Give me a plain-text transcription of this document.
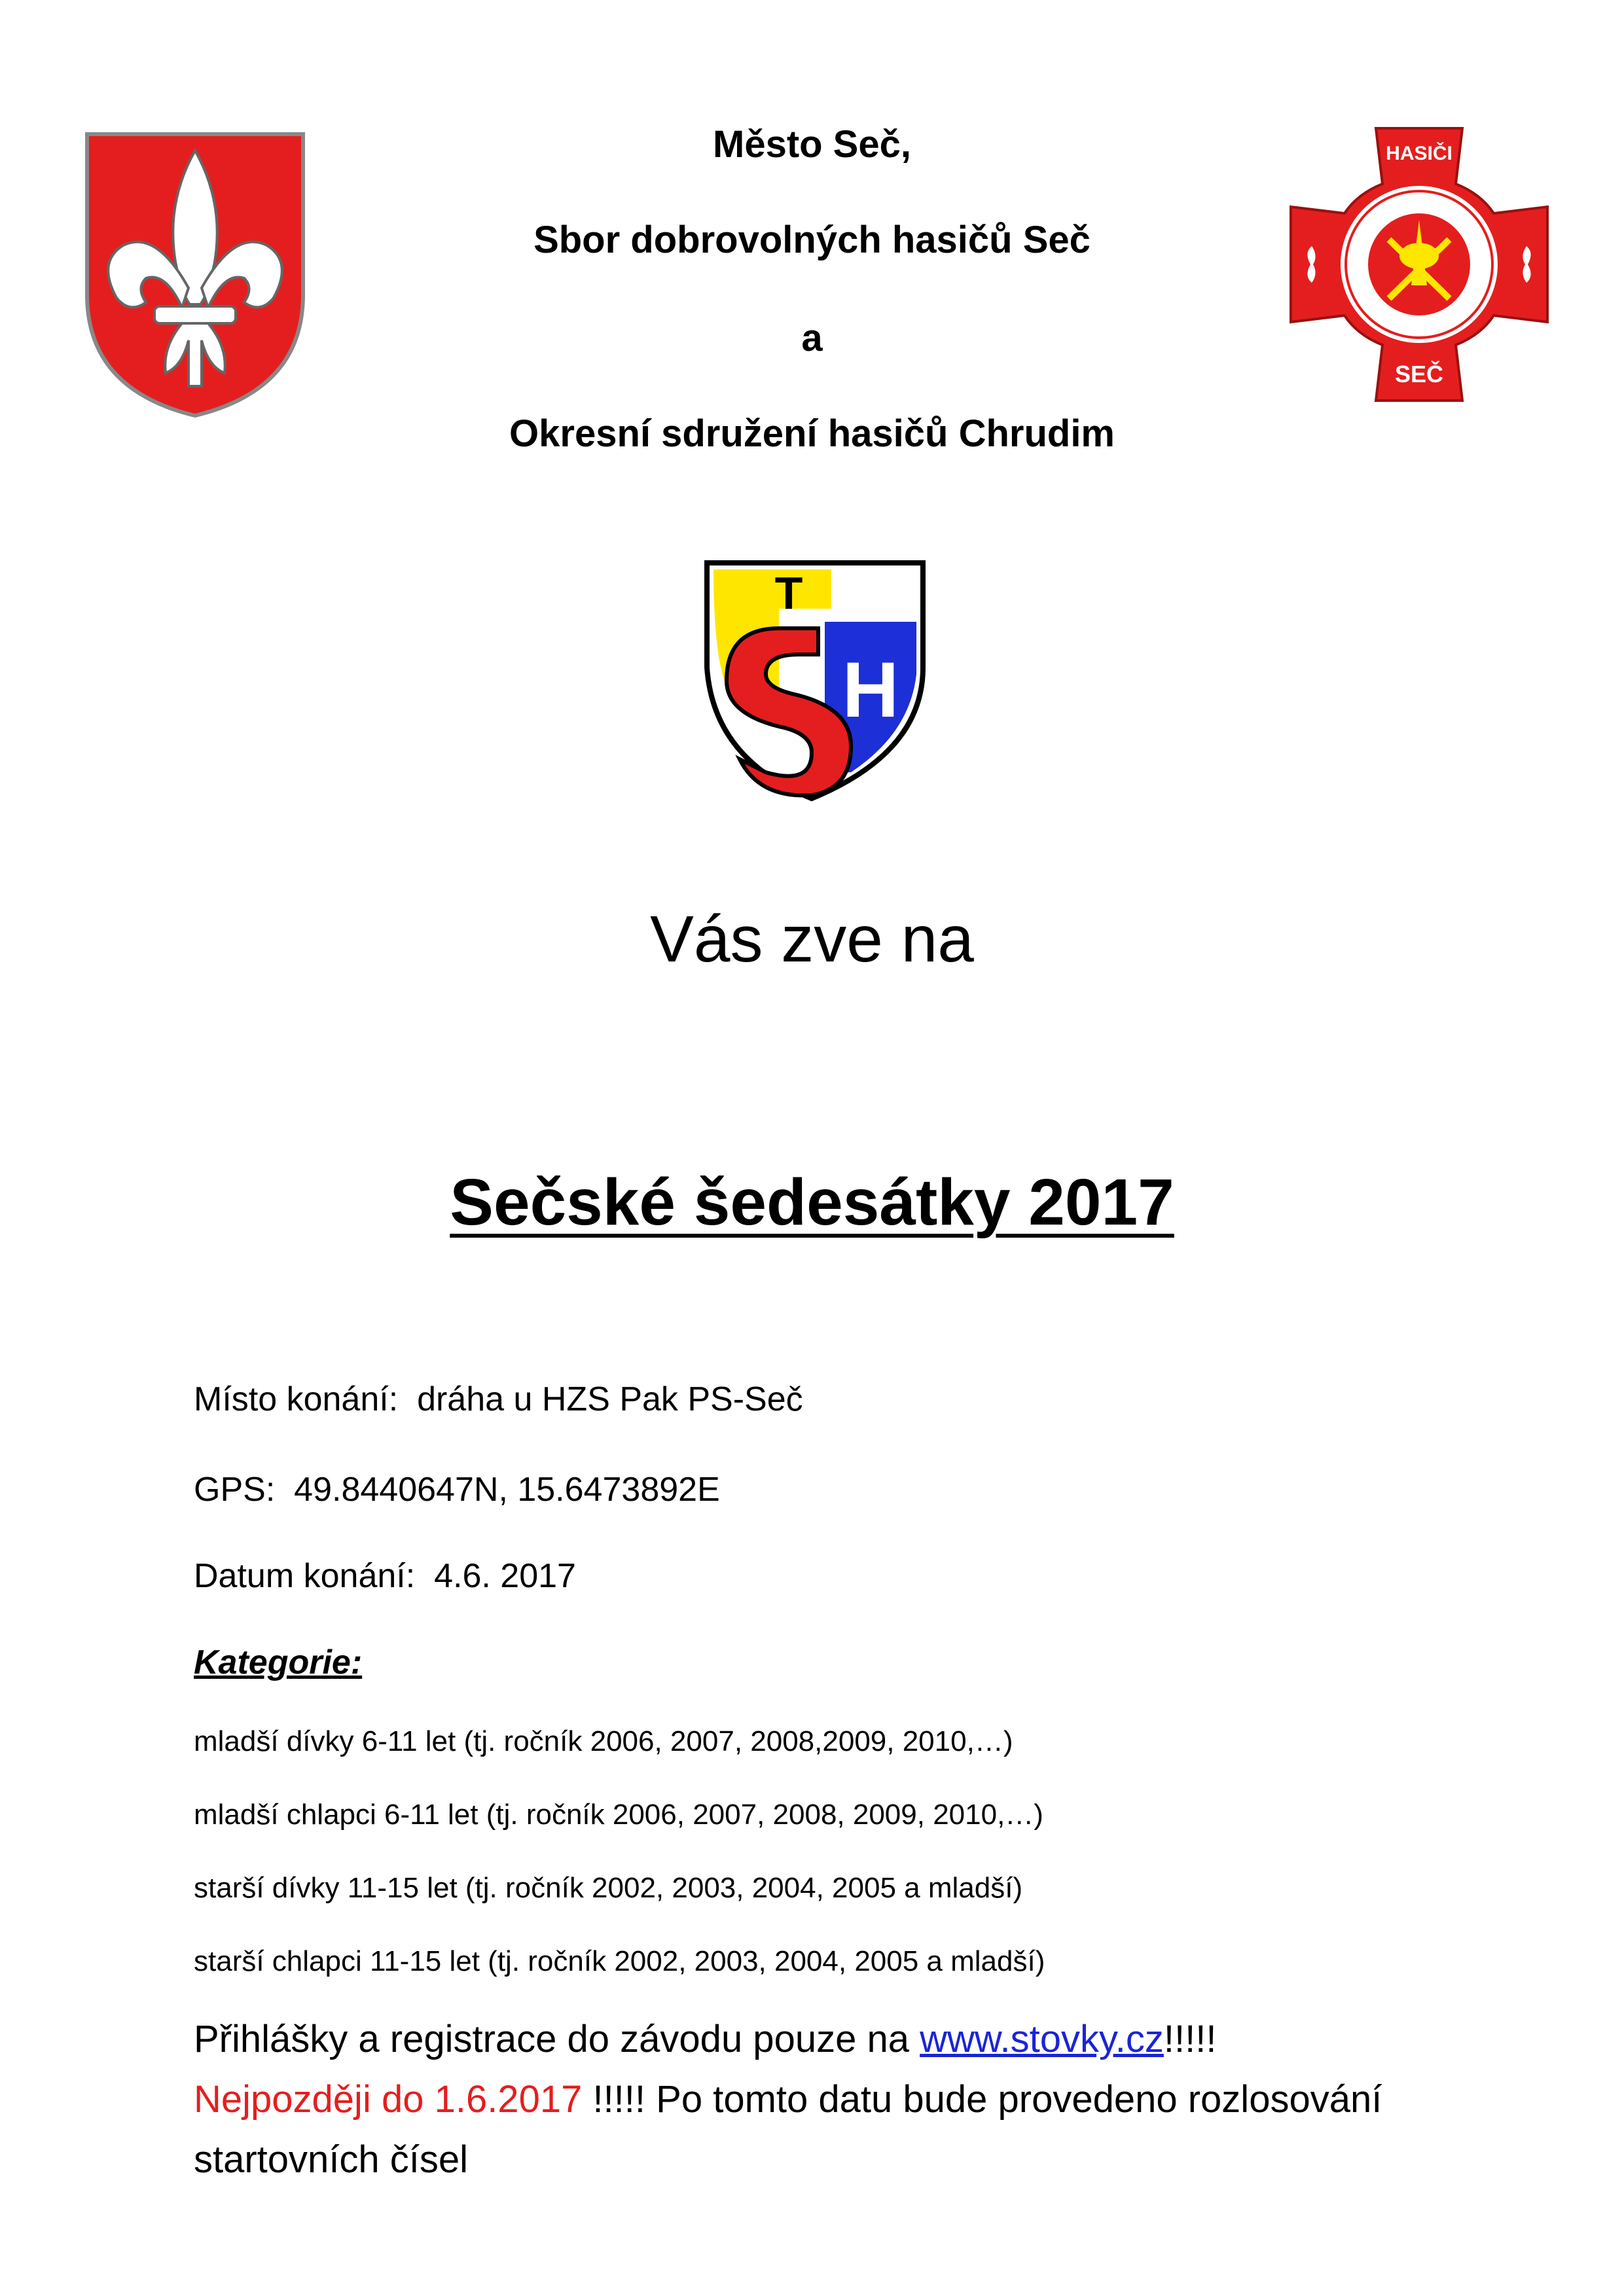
HASIČI
SEČ
Město Seč,
Sbor dobrovolných hasičů Seč
a
Okresní sdružení hasičů Chrudim
H
T
Vás zve na
Sečské šedesátky 2017
Místo konání: dráha u HZS Pak PS-Seč
GPS: 49.8440647N, 15.6473892E
Datum konání: 4.6. 2017
Kategorie:
mladší dívky 6-11 let (tj. ročník 2006, 2007, 2008,2009, 2010,…)
mladší chlapci 6-11 let (tj. ročník 2006, 2007, 2008, 2009, 2010,…)
starší dívky 11-15 let (tj. ročník 2002, 2003, 2004, 2005 a mladší)
starší chlapci 11-15 let (tj. ročník 2002, 2003, 2004, 2005 a mladší)
Přihlášky a registrace do závodu pouze na www.stovky.cz!!!!!
Nejpozději do 1.6.2017 !!!!! Po tomto datu bude provedeno rozlosování startovních čísel
